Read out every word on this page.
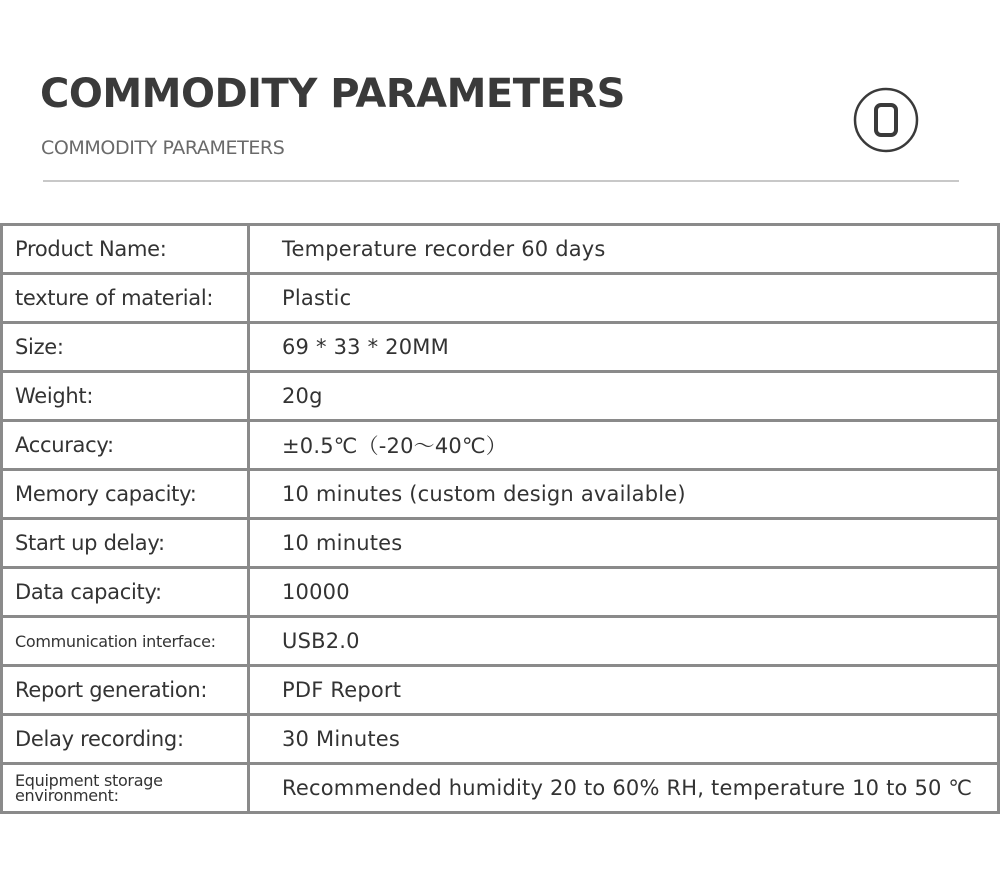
COMMODITY PARAMETERS
COMMODITY PARAMETERS
Product Name:	Temperature recorder 60 days
texture of material:	Plastic
Size:	69 * 33 * 20MM
Weight:	20g
Accuracy:	±0.5℃（-20～40℃）
Memory capacity:	10 minutes (custom design available)
Start up delay:	10 minutes
Data capacity:	10000
Communication interface:	USB2.0
Report generation:	PDF Report
Delay recording:	30 Minutes
Equipment storage environment:	Recommended humidity 20 to 60% RH, temperature 10 to 50 ℃
